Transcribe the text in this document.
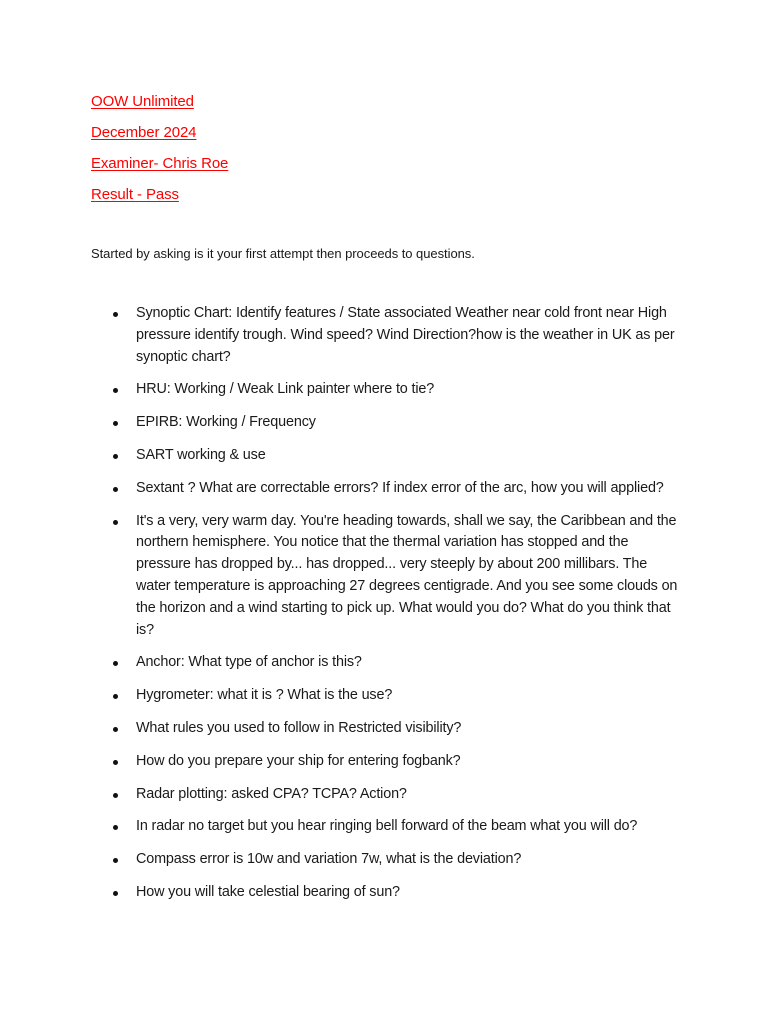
OOW Unlimited
December 2024
Examiner- Chris Roe
Result - Pass
Started by asking is it your first attempt then proceeds to questions.
Synoptic Chart: Identify features / State associated Weather near cold front near High pressure identify trough. Wind speed? Wind Direction?how is the weather in UK as per synoptic chart?
HRU: Working / Weak Link painter where to tie?
EPIRB: Working / Frequency
SART working & use
Sextant ? What are correctable errors? If index error of the arc, how you will applied?
It's a very, very warm day. You're heading towards, shall we say, the Caribbean and the northern hemisphere. You notice that the thermal variation has stopped and the pressure has dropped by... has dropped... very steeply by about 200 millibars. The water temperature is approaching 27 degrees centigrade. And you see some clouds on the horizon and a wind starting to pick up. What would you do? What do you think that is?
Anchor: What type of anchor is this?
Hygrometer: what it is ? What is the use?
What rules you used to follow in Restricted visibility?
How do you prepare your ship for entering fogbank?
Radar plotting: asked CPA? TCPA? Action?
In radar no target but you hear ringing bell forward of the beam what you will do?
Compass error is 10w and variation 7w, what is the deviation?
How you will take celestial bearing of sun?
